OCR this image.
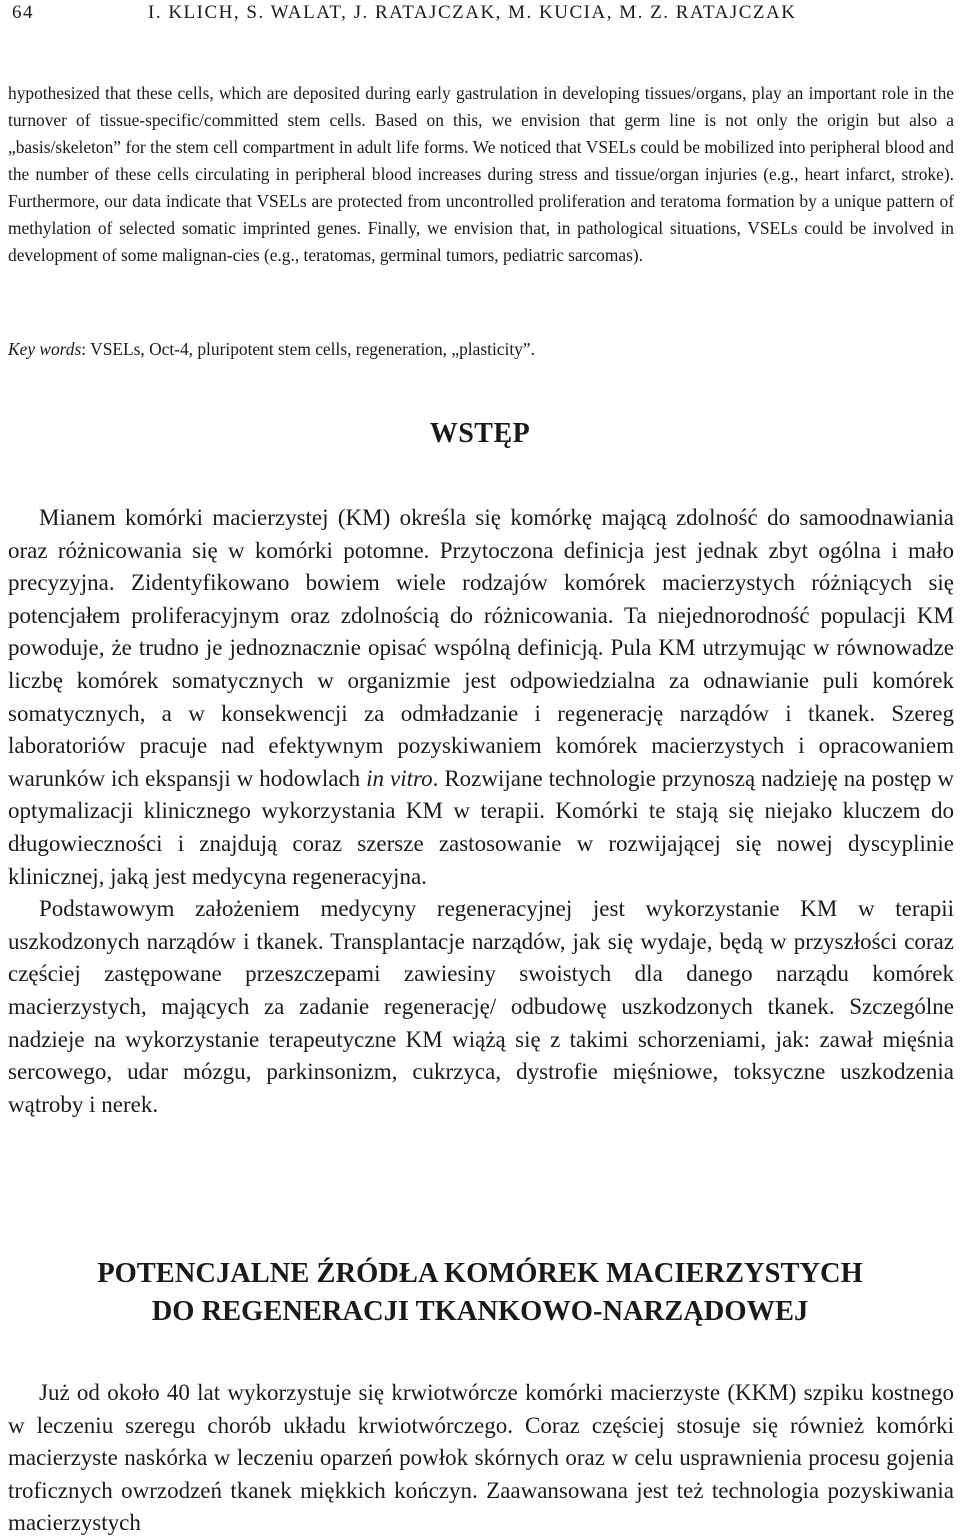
64	I. KLICH, S. WALAT, J. RATAJCZAK, M. KUCIA, M. Z. RATAJCZAK

hypothesized that these cells, which are deposited during early gastrulation in developing tissues/organs, play an important role in the turnover of tissue-specific/committed stem cells. Based on this, we envision that germ line is not only the origin but also a „basis/skeleton” for the stem cell compartment in adult life forms. We noticed that VSELs could be mobilized into peripheral blood and the number of these cells circulating in peripheral blood increases during stress and tissue/organ injuries (e.g., heart infarct, stroke). Furthermore, our data indicate that VSELs are protected from uncontrolled proliferation and teratoma formation by a unique pattern of methylation of selected somatic imprinted genes. Finally, we envision that, in pathological situations, VSELs could be involved in development of some malignan-cies (e.g., teratomas, germinal tumors, pediatric sarcomas).

Key words: VSELs, Oct-4, pluripotent stem cells, regeneration, „plasticity”.
WSTĘP

Mianem komórki macierzystej (KM) określa się komórkę mającą zdolność do samoodnawiania oraz różnicowania się w komórki potomne. Przytoczona definicja jest jednak zbyt ogólna i mało precyzyjna. Zidentyfikowano bowiem wiele rodzajów komórek macierzystych różniących się potencjałem proliferacyjnym oraz zdolnością do różnicowania. Ta niejednorodność populacji KM powoduje, że trudno je jednoznacznie opisać wspólną definicją. Pula KM utrzymując w równowadze liczbę komórek somatycznych w organizmie jest odpowiedzialna za odnawianie puli komórek somatycznych, a w konsekwencji za odmładzanie i regenerację narządów i tkanek. Szereg laboratoriów pracuje nad efektywnym pozyskiwaniem komórek macierzystych i opracowaniem warunków ich ekspansji w hodowlach in vitro. Rozwijane technologie przynoszą nadzieję na postęp w optymalizacji klinicznego wykorzystania KM w terapii. Komórki te stają się niejako kluczem do długowieczności i znajdują coraz szersze zastosowanie w rozwijającej się nowej dyscyplinie klinicznej, jaką jest medycyna regeneracyjna.

Podstawowym założeniem medycyny regeneracyjnej jest wykorzystanie KM w terapii uszkodzonych narządów i tkanek. Transplantacje narządów, jak się wydaje, będą w przyszłości coraz częściej zastępowane przeszczepami zawiesiny swoistych dla danego narządu komórek macierzystych, mających za zadanie regenerację/ odbudowę uszkodzonych tkanek. Szczególne nadzieje na wykorzystanie terapeutyczne KM wiążą się z takimi schorzeniami, jak: zawał mięśnia sercowego, udar mózgu, parkinsonizm, cukrzyca, dystrofie mięśniowe, toksyczne uszkodzenia wątroby i nerek.

POTENCJALNE ŹRÓDŁA KOMÓREK MACIERZYSTYCH
DO REGENERACJI TKANKOWO-NARZĄDOWEJ

Już od około 40 lat wykorzystuje się krwiotwórcze komórki macierzyste (KKM) szpiku kostnego w leczeniu szeregu chorób układu krwiotwórczego. Coraz częściej stosuje się również komórki macierzyste naskórka w leczeniu oparzeń powłok skórnych oraz w celu usprawnienia procesu gojenia troficznych owrzodzeń tkanek miękkich kończyn. Zaawansowana jest też technologia pozyskiwania macierzystych
